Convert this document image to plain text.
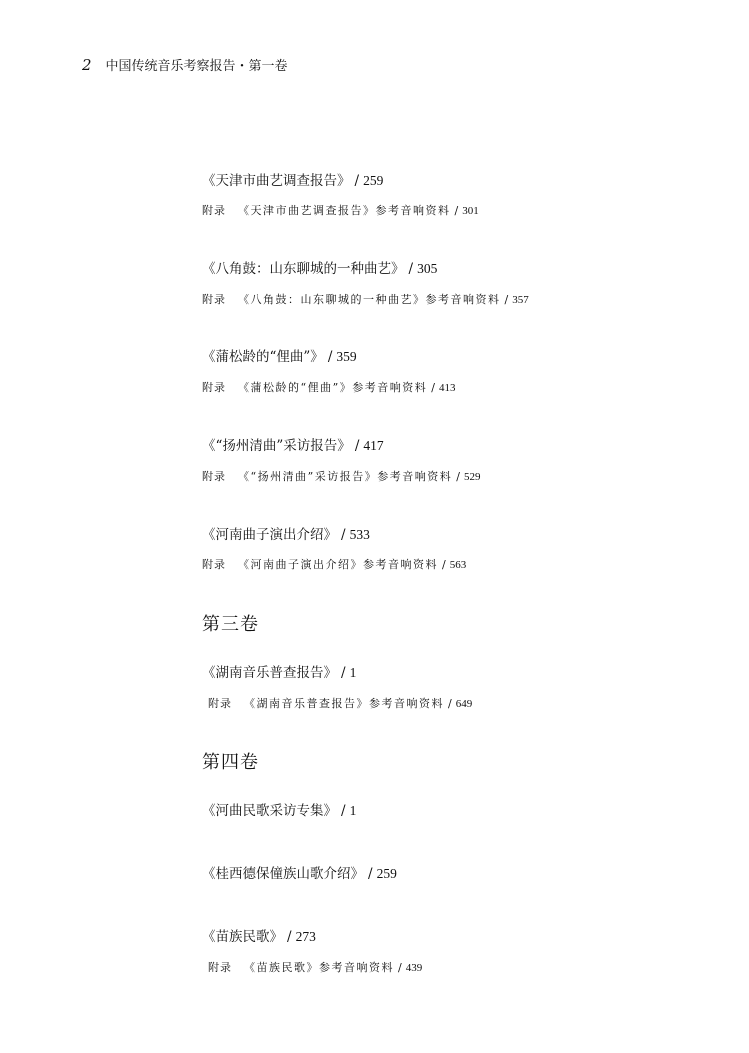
2 中国传统音乐考察报告・第一卷
《天津市曲艺调查报告》 / 259
附录 《天津市曲艺调查报告》参考音响资料 / 301
《八角鼓：山东聊城的一种曲艺》 / 305
附录 《八角鼓：山东聊城的一种曲艺》参考音响资料 / 357
《蒲松龄的“俚曲”》 / 359
附录 《蒲松龄的“俚曲”》参考音响资料 / 413
《“扬州清曲”采访报告》 / 417
附录 《“扬州清曲”采访报告》参考音响资料 / 529
《河南曲子演出介绍》 / 533
附录 《河南曲子演出介绍》参考音响资料 / 563
第三卷
《湖南音乐普查报告》 / 1
附录 《湖南音乐普查报告》参考音响资料 / 649
第四卷
《河曲民歌采访专集》 / 1
《桂西德保僮族山歌介绍》 / 259
《苗族民歌》 / 273
附录 《苗族民歌》参考音响资料 / 439
